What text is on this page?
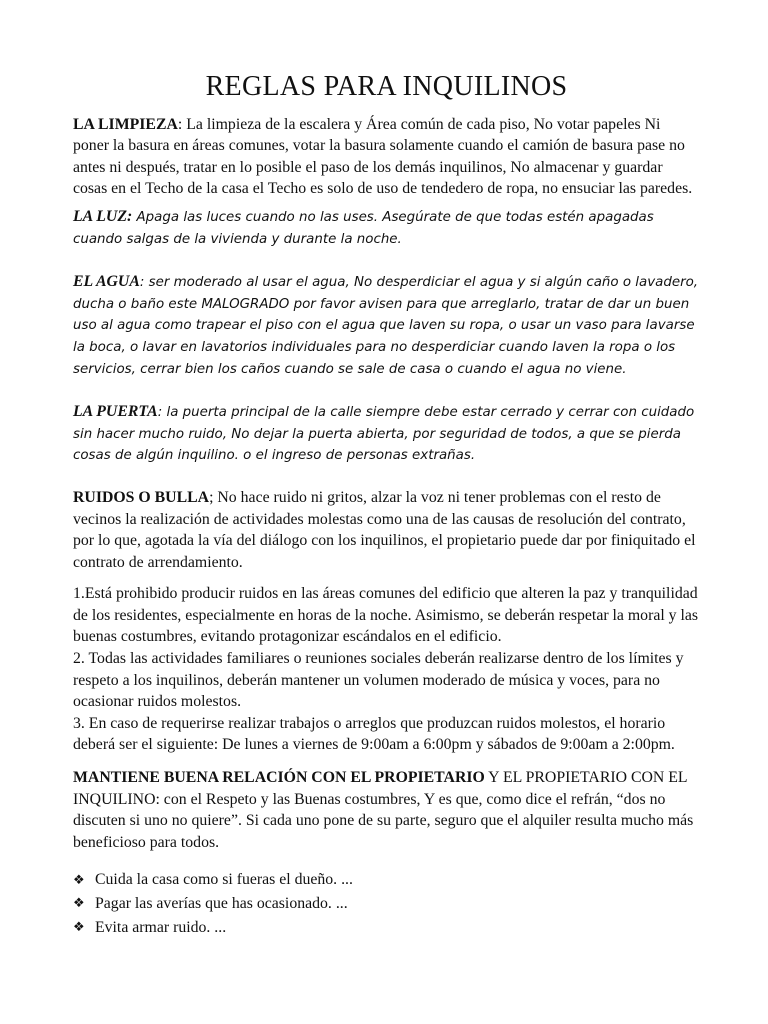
REGLAS PARA INQUILINOS

LA LIMPIEZA: La limpieza de la escalera y Área común de cada piso, No votar papeles Ni poner la basura en áreas comunes, votar la basura solamente cuando el camión de basura pase no antes ni después, tratar en lo posible el paso de los demás inquilinos, No almacenar y guardar cosas en el Techo de la casa el Techo es solo de uso de tendedero de ropa, no ensuciar las paredes.

LA LUZ: Apaga las luces cuando no las uses. Asegúrate de que todas estén apagadas cuando salgas de la vivienda y durante la noche.

EL AGUA: ser moderado al usar el agua, No desperdiciar el agua y si algún caño o lavadero, ducha o baño este MALOGRADO por favor avisen para que arreglarlo, tratar de dar un buen uso al agua como trapear el piso con el agua que laven su ropa, o usar un vaso para lavarse la boca, o lavar en lavatorios individuales para no desperdiciar cuando laven la ropa o los servicios, cerrar bien los caños cuando se sale de casa o cuando el agua no viene.

LA PUERTA: la puerta principal de la calle siempre debe estar cerrado y cerrar con cuidado sin hacer mucho ruido, No dejar la puerta abierta, por seguridad de todos, a que se pierda cosas de algún inquilino. o el ingreso de personas extrañas.

RUIDOS O BULLA; No hace ruido ni gritos, alzar la voz ni tener problemas con el resto de vecinos la realización de actividades molestas como una de las causas de resolución del contrato, por lo que, agotada la vía del diálogo con los inquilinos, el propietario puede dar por finiquitado el contrato de arrendamiento.

1.Está prohibido producir ruidos en las áreas comunes del edificio que alteren la paz y tranquilidad de los residentes, especialmente en horas de la noche. Asimismo, se deberán respetar la moral y las buenas costumbres, evitando protagonizar escándalos en el edificio.

2. Todas las actividades familiares o reuniones sociales deberán realizarse dentro de los límites y respeto a los inquilinos, deberán mantener un volumen moderado de música y voces, para no ocasionar ruidos molestos.

3. En caso de requerirse realizar trabajos o arreglos que produzcan ruidos molestos, el horario deberá ser el siguiente: De lunes a viernes de 9:00am a 6:00pm y sábados de 9:00am a 2:00pm.

MANTIENE BUENA RELACIÓN CON EL PROPIETARIO Y EL PROPIETARIO CON EL INQUILINO: con el Respeto y las Buenas costumbres, Y es que, como dice el refrán, “dos no discuten si uno no quiere”. Si cada uno pone de su parte, seguro que el alquiler resulta mucho más beneficioso para todos.

❖ Cuida la casa como si fueras el dueño. ...
❖ Pagar las averías que has ocasionado. ...
❖ Evita armar ruido. ...
